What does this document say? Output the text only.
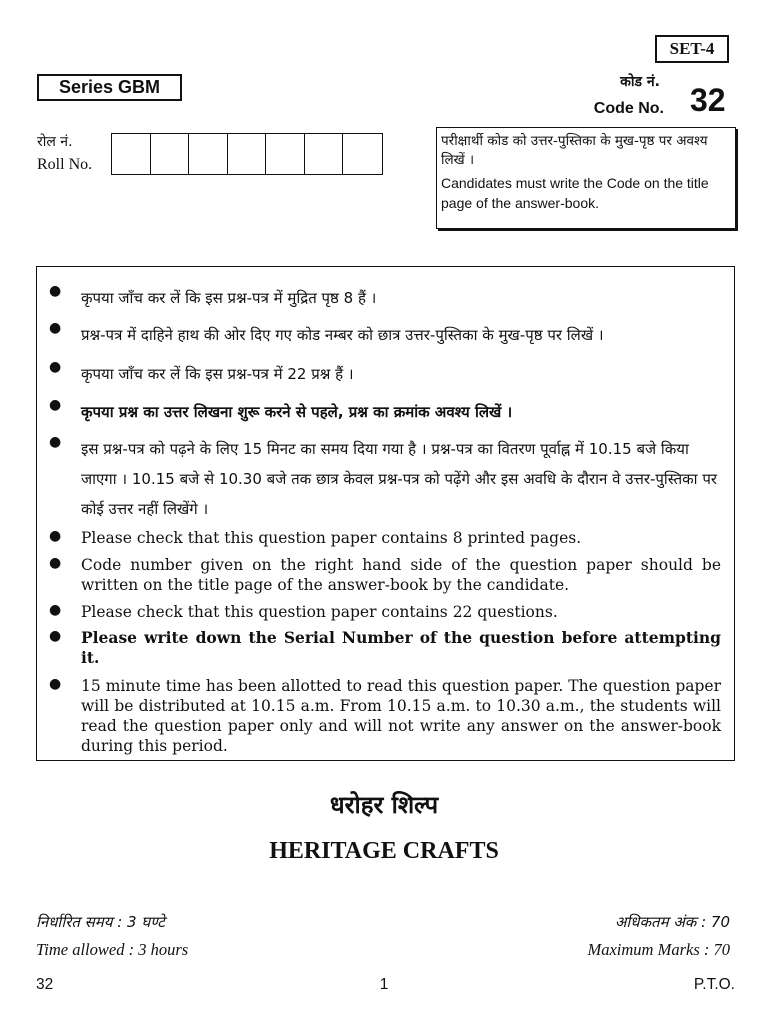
SET-4
Series GBM	कोड नं.
Code No. 32
रोल नं.
Roll No.
परीक्षार्थी कोड को उत्तर-पुस्तिका के मुख-पृष्ठ पर अवश्य लिखें ।
Candidates must write the Code on the title page of the answer-book.
● कृपया जाँच कर लें कि इस प्रश्न-पत्र में मुद्रित पृष्ठ 8 हैं ।
● प्रश्न-पत्र में दाहिने हाथ की ओर दिए गए कोड नम्बर को छात्र उत्तर-पुस्तिका के मुख-पृष्ठ पर लिखें ।
● कृपया जाँच कर लें कि इस प्रश्न-पत्र में 22 प्रश्न हैं ।
● कृपया प्रश्न का उत्तर लिखना शुरू करने से पहले, प्रश्न का क्रमांक अवश्य लिखें ।
● इस प्रश्न-पत्र को पढ़ने के लिए 15 मिनट का समय दिया गया है । प्रश्न-पत्र का वितरण पूर्वाह्न में 10.15 बजे किया जाएगा । 10.15 बजे से 10.30 बजे तक छात्र केवल प्रश्न-पत्र को पढ़ेंगे और इस अवधि के दौरान वे उत्तर-पुस्तिका पर कोई उत्तर नहीं लिखेंगे ।
● Please check that this question paper contains 8 printed pages.
● Code number given on the right hand side of the question paper should be written on the title page of the answer-book by the candidate.
● Please check that this question paper contains 22 questions.
● Please write down the Serial Number of the question before attempting it.
● 15 minute time has been allotted to read this question paper. The question paper will be distributed at 10.15 a.m. From 10.15 a.m. to 10.30 a.m., the students will read the question paper only and will not write any answer on the answer-book during this period.
धरोहर शिल्प
HERITAGE CRAFTS
निर्धारित समय : 3 घण्टे
Time allowed : 3 hours
अधिकतम अंक : 70
Maximum Marks : 70
32	1	P.T.O.
